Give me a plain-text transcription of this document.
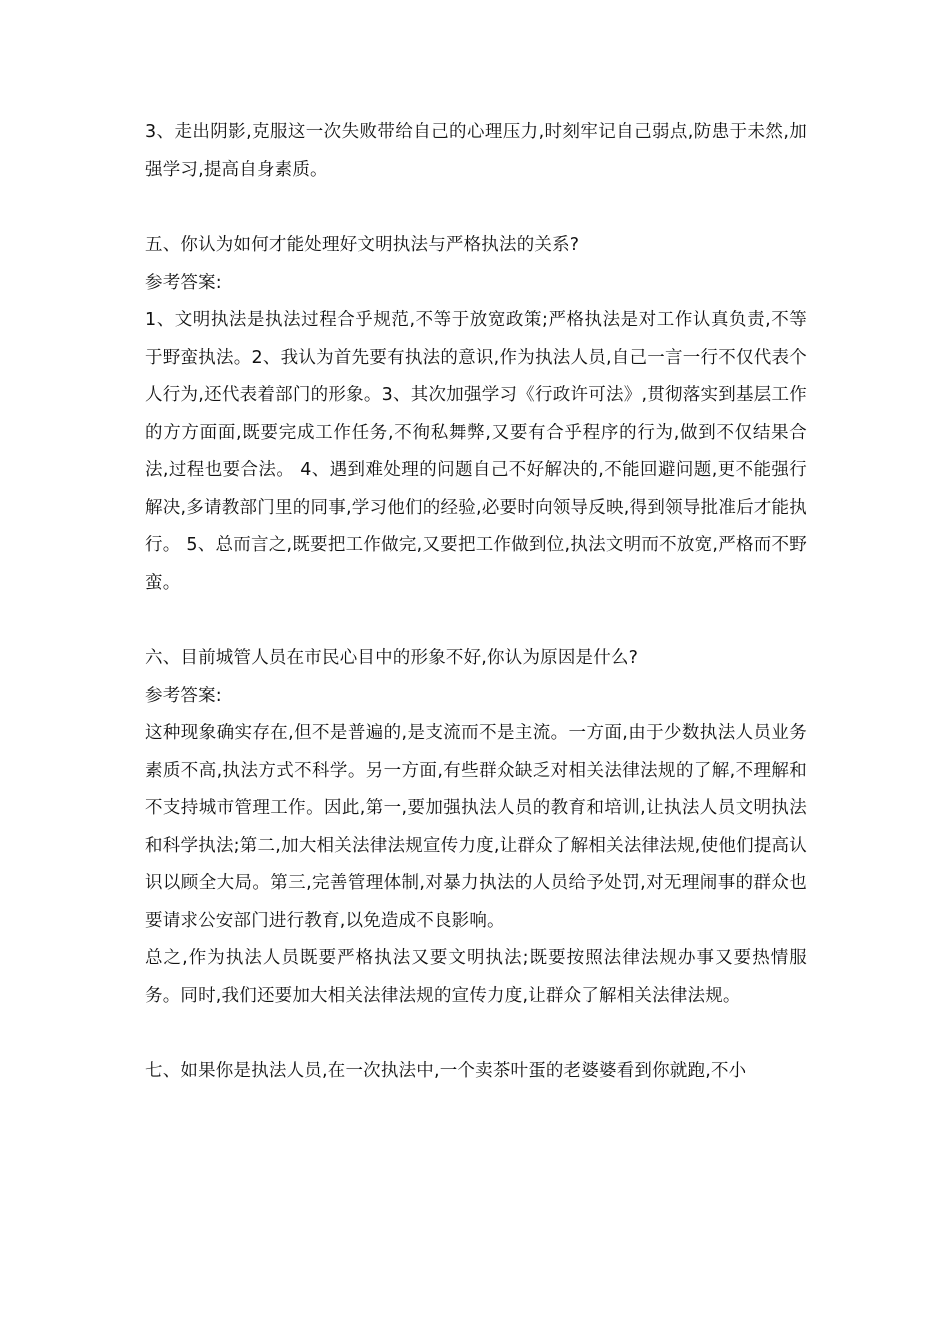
3、走出阴影,克服这一次失败带给自己的心理压力,时刻牢记自己弱点,防患于未然,加强学习,提高自身素质。

五、你认为如何才能处理好文明执法与严格执法的关系?

参考答案:

1、文明执法是执法过程合乎规范,不等于放宽政策;严格执法是对工作认真负责,不等于野蛮执法。2、我认为首先要有执法的意识,作为执法人员,自己一言一行不仅代表个人行为,还代表着部门的形象。3、其次加强学习《行政许可法》,贯彻落实到基层工作的方方面面,既要完成工作任务,不徇私舞弊,又要有合乎程序的行为,做到不仅结果合法,过程也要合法。 4、遇到难处理的问题自己不好解决的,不能回避问题,更不能强行解决,多请教部门里的同事,学习他们的经验,必要时向领导反映,得到领导批准后才能执行。 5、总而言之,既要把工作做完,又要把工作做到位,执法文明而不放宽,严格而不野蛮。

六、目前城管人员在市民心目中的形象不好,你认为原因是什么?

参考答案:

这种现象确实存在,但不是普遍的,是支流而不是主流。一方面,由于少数执法人员业务素质不高,执法方式不科学。另一方面,有些群众缺乏对相关法律法规的了解,不理解和不支持城市管理工作。因此,第一,要加强执法人员的教育和培训,让执法人员文明执法和科学执法;第二,加大相关法律法规宣传力度,让群众了解相关法律法规,使他们提高认识以顾全大局。第三,完善管理体制,对暴力执法的人员给予处罚,对无理闹事的群众也要请求公安部门进行教育,以免造成不良影响。

总之,作为执法人员既要严格执法又要文明执法;既要按照法律法规办事又要热情服务。同时,我们还要加大相关法律法规的宣传力度,让群众了解相关法律法规。

七、如果你是执法人员,在一次执法中,一个卖茶叶蛋的老婆婆看到你就跑,不小
